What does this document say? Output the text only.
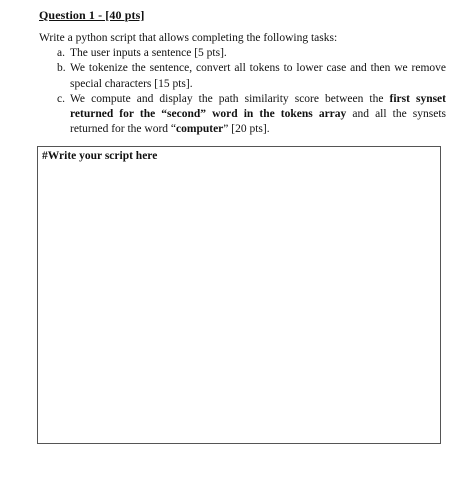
Question 1 - [40 pts]
Write a python script that allows completing the following tasks:
a. The user inputs a sentence [5 pts].
b. We tokenize the sentence, convert all tokens to lower case and then we remove special characters [15 pts].
c. We compute and display the path similarity score between the first synset returned for the “second” word in the tokens array and all the synsets returned for the word “computer” [20 pts].
#Write your script here
